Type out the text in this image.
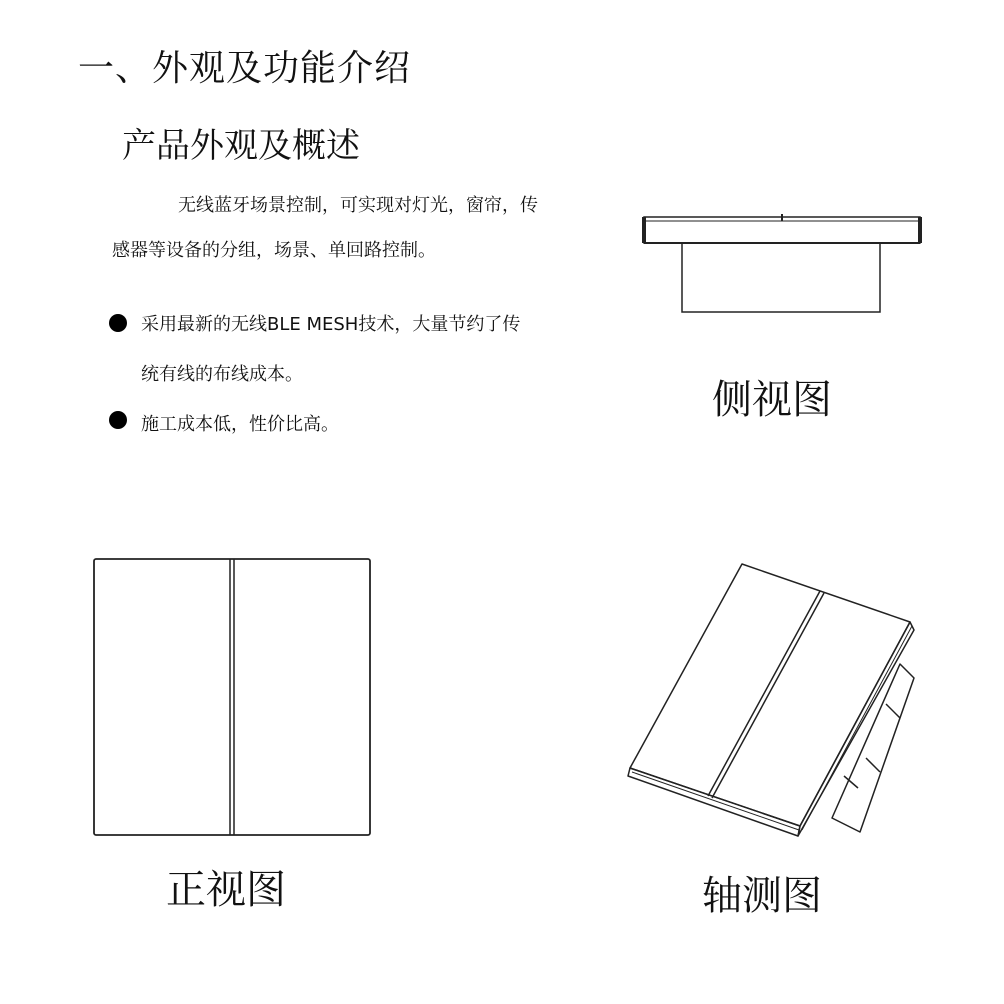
一、外观及功能介绍
产品外观及概述
无线蓝牙场景控制，可实现对灯光，窗帘，传
感器等设备的分组，场景、单回路控制。
采用最新的无线BLE MESH技术，大量节约了传
统有线的布线成本。
施工成本低，性价比高。
侧视图
正视图	轴测图
